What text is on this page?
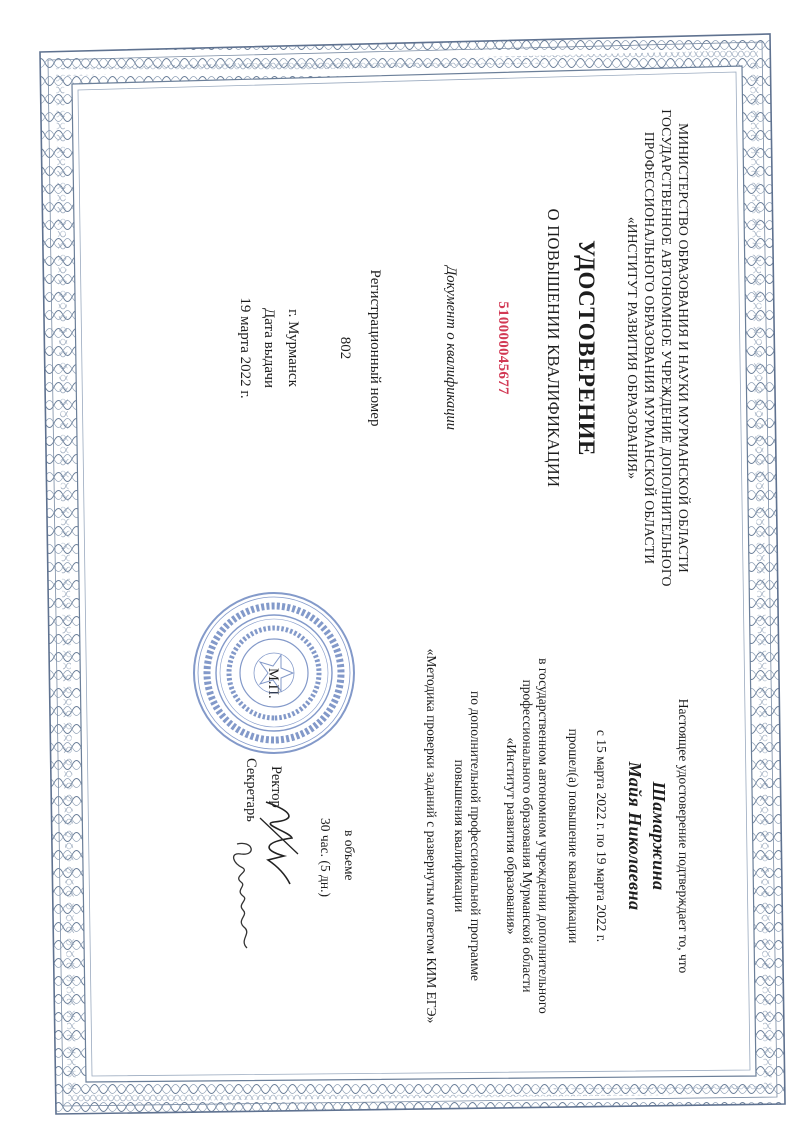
МИНИСТЕРСТВО ОБРАЗОВАНИЯ И НАУКИ МУРМАНСКОЙ ОБЛАСТИ
ГОСУДАРСТВЕННОЕ АВТОНОМНОЕ УЧРЕЖДЕНИЕ ДОПОЛНИТЕЛЬНОГО
ПРОФЕССИОНАЛЬНОГО ОБРАЗОВАНИЯ МУРМАНСКОЙ ОБЛАСТИ
«ИНСТИТУТ РАЗВИТИЯ ОБРАЗОВАНИЯ»
УДОСТОВЕРЕНИЕ
О ПОВЫШЕНИИ КВАЛИФИКАЦИИ
510000045677
Документ о квалификации
Регистрационный номер
802
г. Мурманск
Дата выдачи
19 марта 2022 г.
Настоящее удостоверение подтверждает то, что
Шамаржина
Майя Николаевна
с 15 марта 2022 г. по 19 марта 2022 г.
прошел(а) повышение квалификации
в государственном автономном учреждении дополнительного
профессионального образования Мурманской области
«Институт развития образования»
по дополнительной профессиональной программе
повышения квалификации
«Методика проверки заданий с развернутым ответом КИМ ЕГЭ»
в объеме
30 час. (5 дн.)
Ректор
М.П.
Секретарь
